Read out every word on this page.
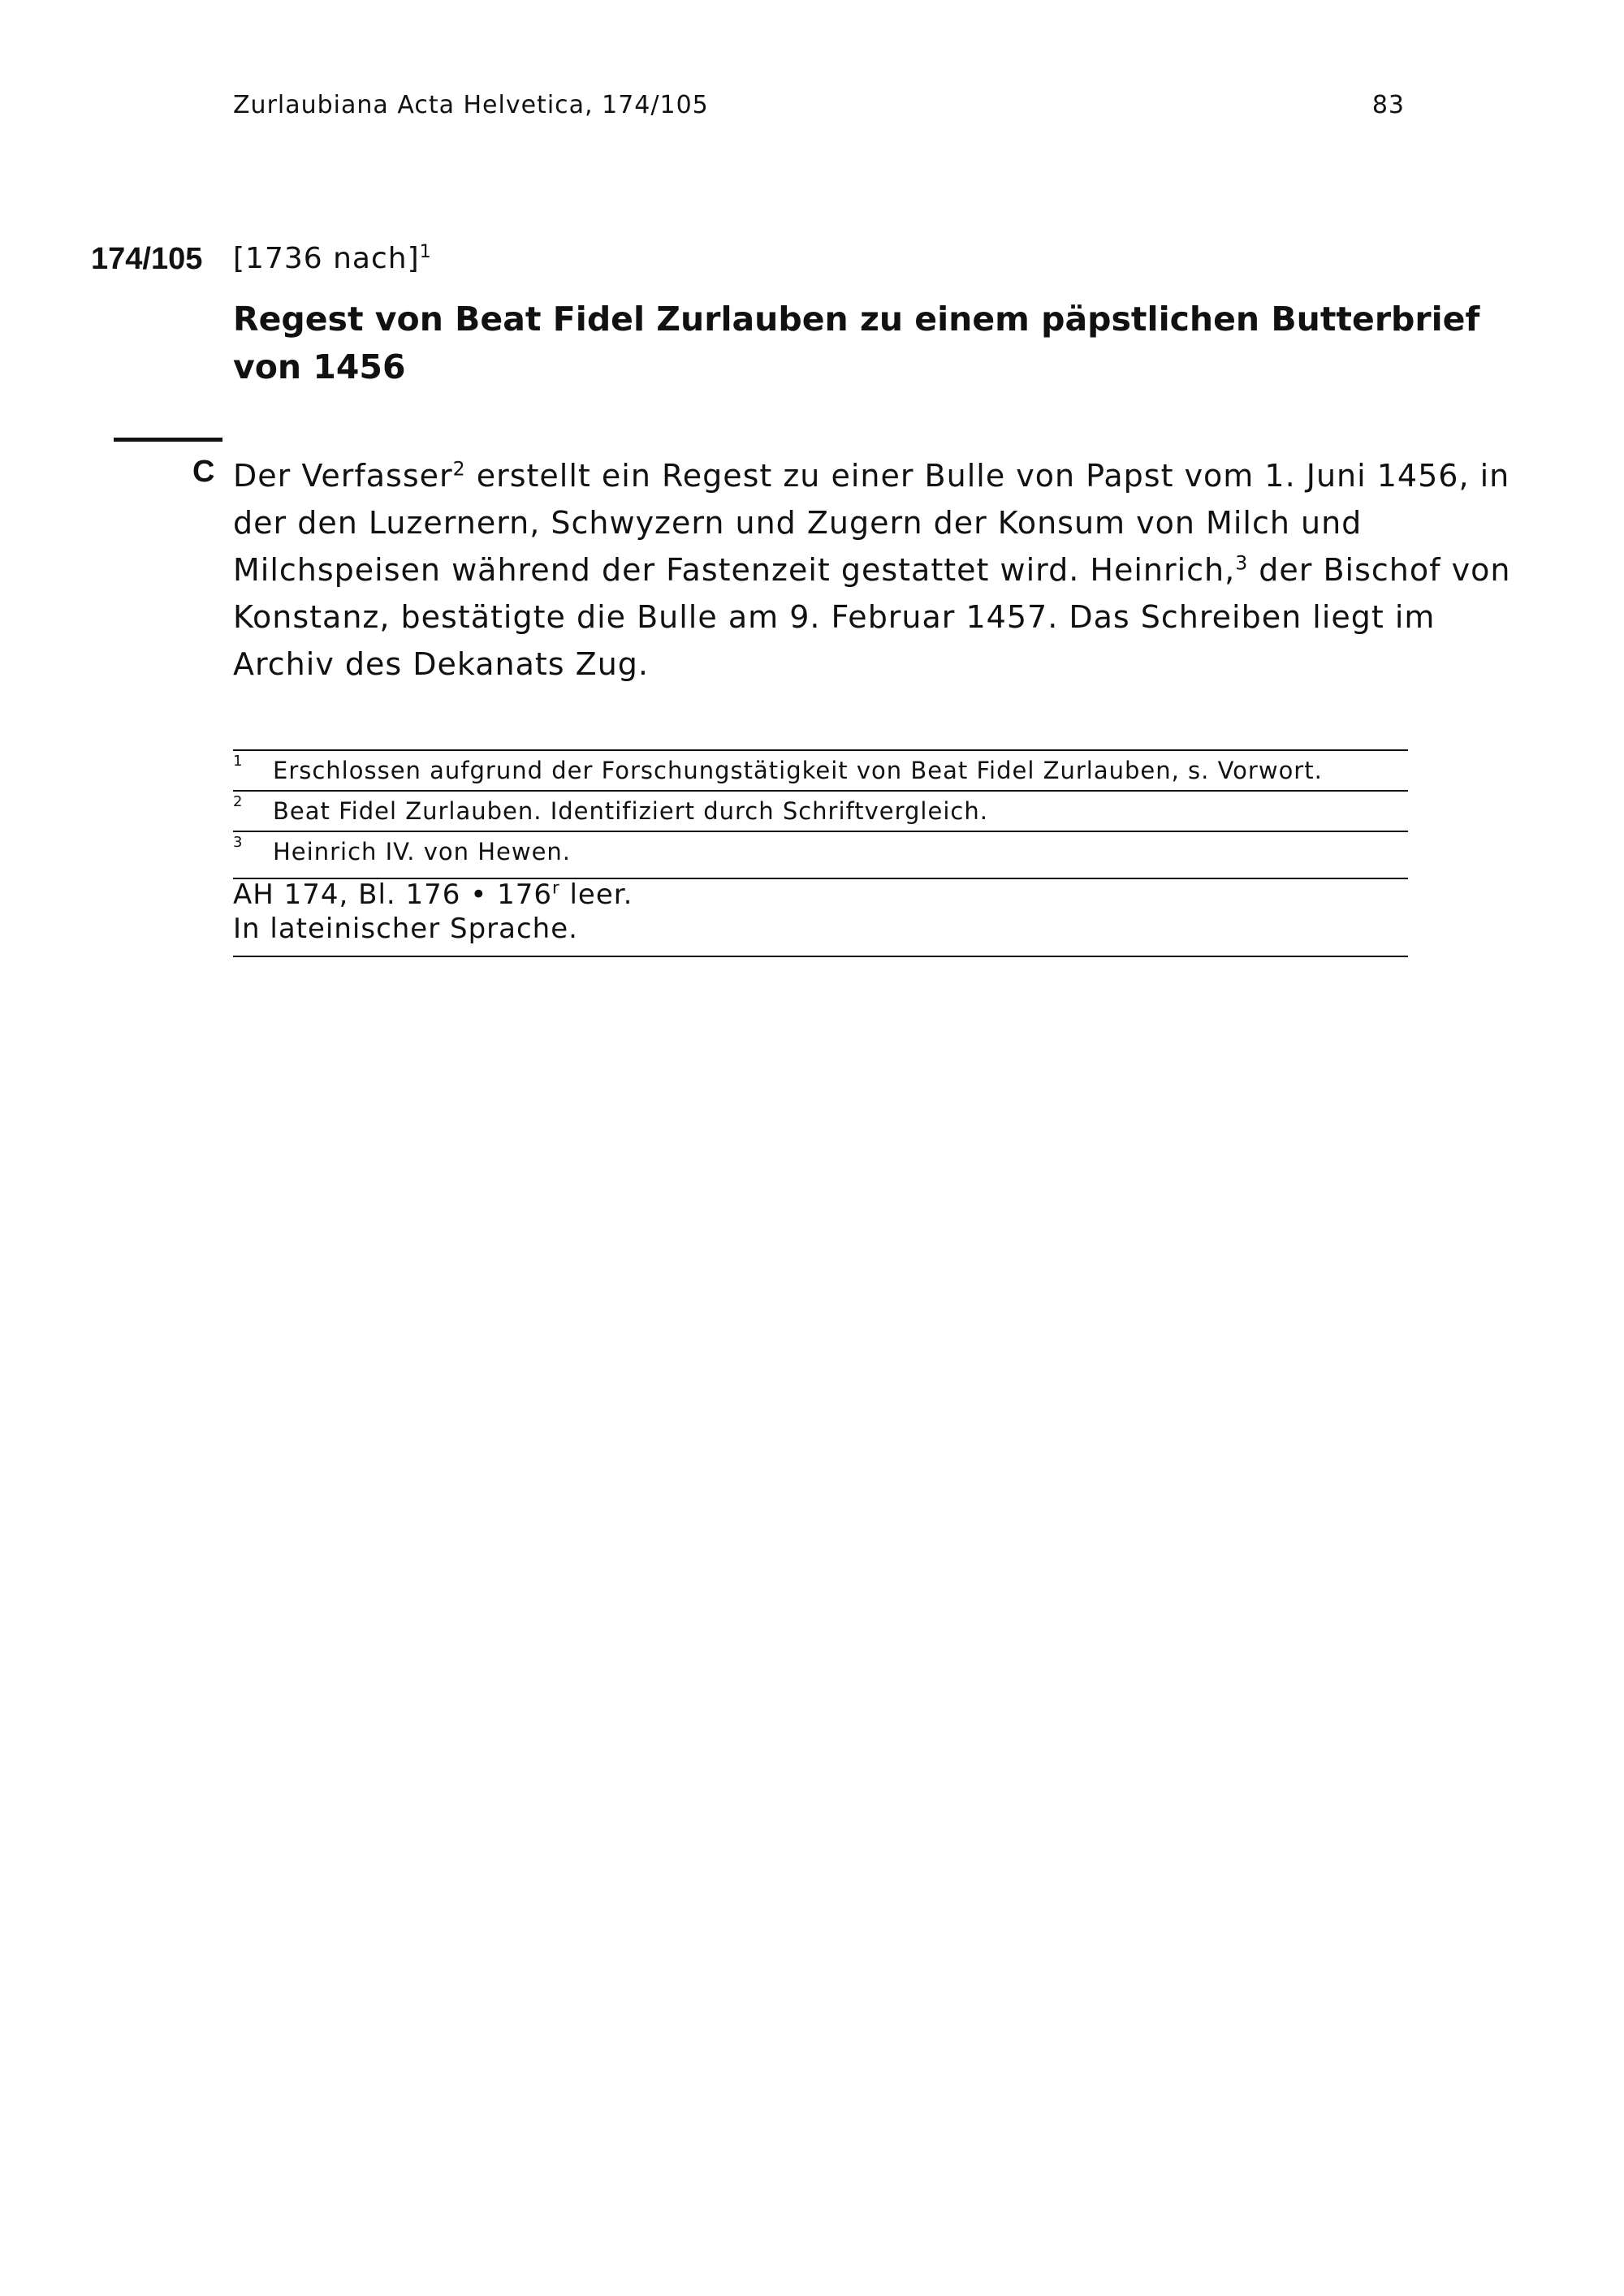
Zurlaubiana Acta Helvetica, 174/105	83
174/105 [1736 nach]$^1$
Regest von Beat Fidel Zurlauben zu einem päpstlichen Butterbrief
von 1456
C Der Verfasser$^2$ erstellt ein Regest zu einer Bulle von Papst vom 1. Juni 1456, in
der den Luzernern, Schwyzern und Zugern der Konsum von Milch und
Milchspeisen während der Fastenzeit gestattet wird. Heinrich,$^3$ der Bischof von
Konstanz, bestätigte die Bulle am 9. Februar 1457. Das Schreiben liegt im
Archiv des Dekanats Zug.

1 Erschlossen aufgrund der Forschungstätigkeit von Beat Fidel Zurlauben, s. Vorwort.
2 Beat Fidel Zurlauben. Identifiziert durch Schriftvergleich.
3 Heinrich IV. von Hewen.
AH 174, Bl. 176 • 176$^r$ leer.
In lateinischer Sprache.
